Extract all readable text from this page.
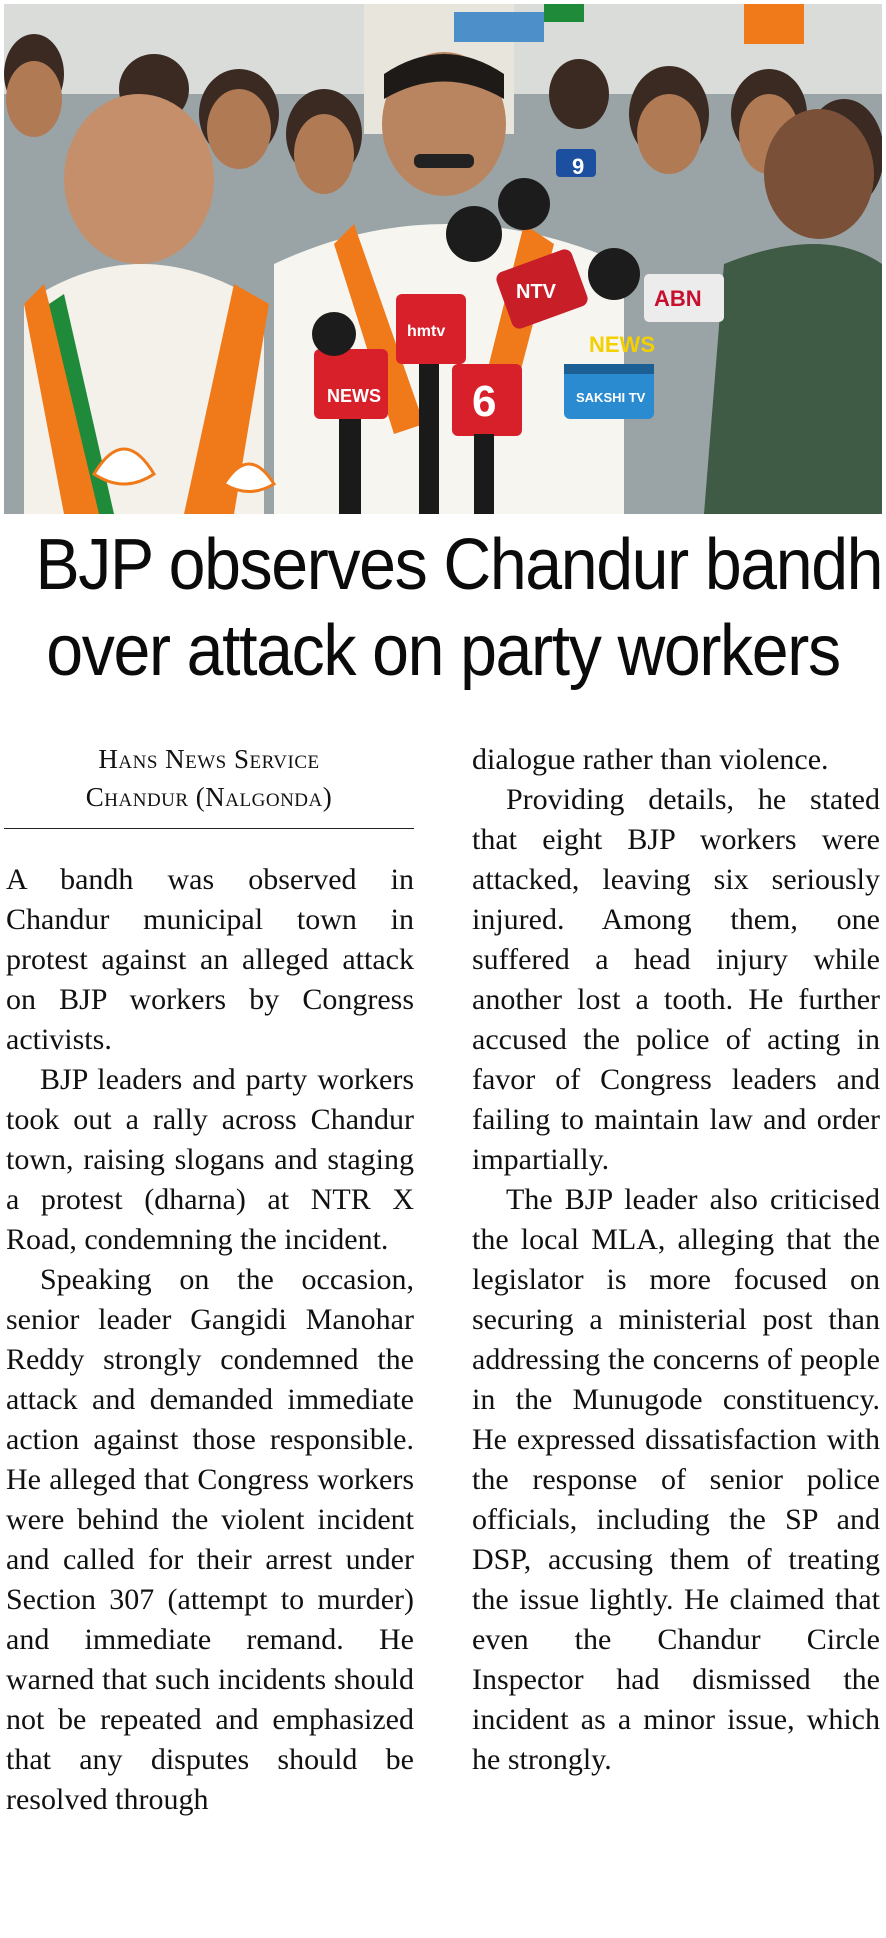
NEWS
hmtv
6
NTV
9
SAKSHI TV
ABN
NEWS
BJP observes Chandur bandh
over attack on party workers
Hans News Service
Chandur (Nalgonda)

A bandh was observed in Chandur municipal town in protest against an alleged attack on BJP workers by Congress activists.

BJP leaders and party workers took out a rally across Chandur town, raising slogans and staging a protest (dharna) at NTR X Road, condemning the incident.

Speaking on the occasion, senior leader Gangidi Manohar Reddy strongly condemned the attack and demanded immediate action against those responsible. He alleged that Congress workers were behind the violent incident and called for their arrest under Section 307 (attempt to murder) and immediate remand. He warned that such incidents should not be repeated and emphasized that any disputes should be resolved through

dialogue rather than violence.

Providing details, he stated that eight BJP workers were attacked, leaving six seriously injured. Among them, one suffered a head injury while another lost a tooth. He further accused the police of acting in favor of Congress leaders and failing to maintain law and order impartially.

The BJP leader also criticised the local MLA, alleging that the legislator is more focused on securing a ministerial post than addressing the concerns of people in the Munugode constituency. He expressed dissatisfaction with the response of senior police officials, including the SP and DSP, accusing them of treating the issue lightly. He claimed that even the Chandur Circle Inspector had dismissed the incident as a minor issue, which he strongly.
